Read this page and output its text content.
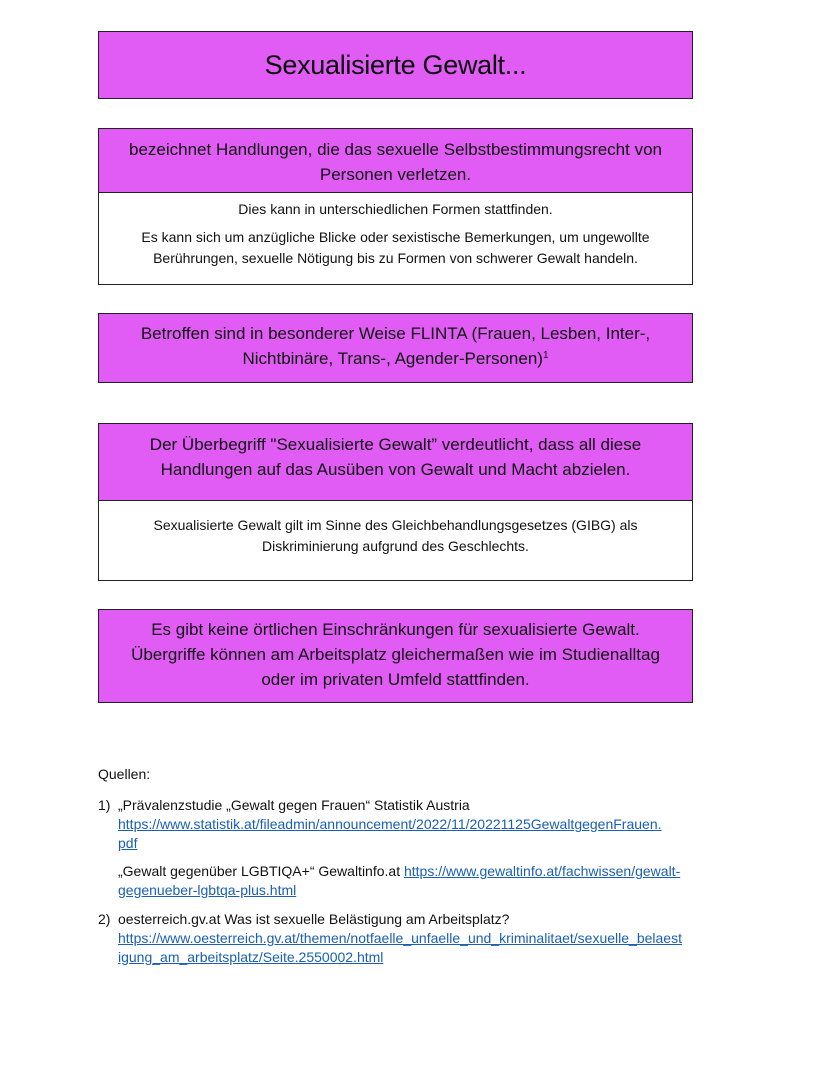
Sexualisierte Gewalt...
bezeichnet Handlungen, die das sexuelle Selbstbestimmungsrecht von Personen verletzen.

Dies kann in unterschiedlichen Formen stattfinden.

Es kann sich um anzügliche Blicke oder sexistische Bemerkungen, um ungewollte Berührungen, sexuelle Nötigung bis zu Formen von schwerer Gewalt handeln.

Betroffen sind in besonderer Weise FLINTA (Frauen, Lesben, Inter-, Nichtbinäre, Trans-, Agender-Personen)$^1$
Der Überbegriff "Sexualisierte Gewalt” verdeutlicht, dass all diese Handlungen auf das Ausüben von Gewalt und Macht abzielen.
Sexualisierte Gewalt gilt im Sinne des Gleichbehandlungsgesetzes (GIBG) als Diskriminierung aufgrund des Geschlechts.
Es gibt keine örtlichen Einschränkungen für sexualisierte Gewalt. Übergriffe können am Arbeitsplatz gleichermaßen wie im Studienalltag oder im privaten Umfeld stattfinden.
Quellen:
1) „Prävalenzstudie „Gewalt gegen Frauen“ Statistik Austria
https://www.statistik.at/fileadmin/announcement/2022/11/20221125GewaltgegenFrauen.
pdf
„Gewalt gegenüber LGBTIQA+“ Gewaltinfo.at https://www.gewaltinfo.at/fachwissen/gewalt-
gegenueber-lgbtqa-plus.html
2) oesterreich.gv.at Was ist sexuelle Belästigung am Arbeitsplatz?
https://www.oesterreich.gv.at/themen/notfaelle_unfaelle_und_kriminalitaet/sexuelle_belaest
igung_am_arbeitsplatz/Seite.2550002.html
